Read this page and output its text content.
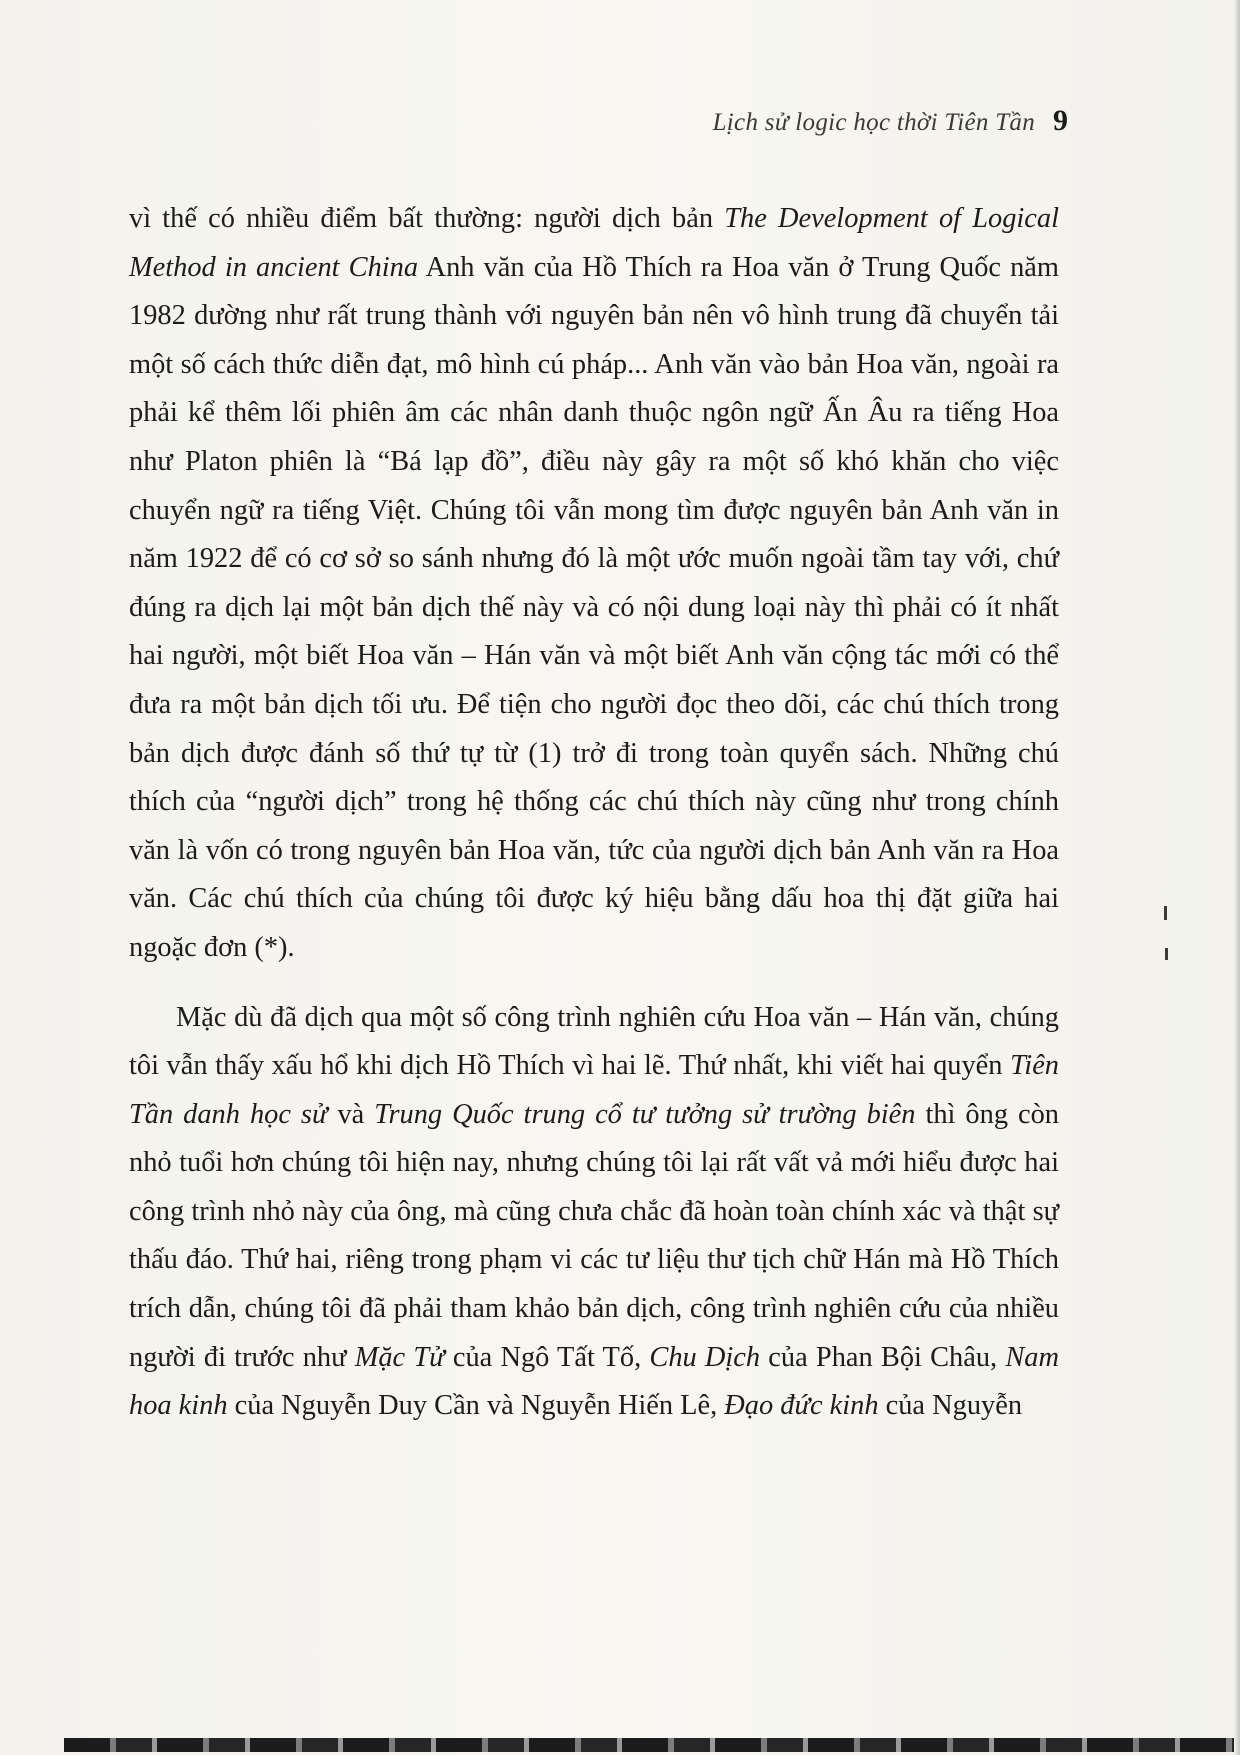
Lịch sử logic học thời Tiên Tần 9

vì thế có nhiều điểm bất thường: người dịch bản The Development of Logical Method in ancient China Anh văn của Hồ Thích ra Hoa văn ở Trung Quốc năm 1982 dường như rất trung thành với nguyên bản nên vô hình trung đã chuyển tải một số cách thức diễn đạt, mô hình cú pháp... Anh văn vào bản Hoa văn, ngoài ra phải kể thêm lối phiên âm các nhân danh thuộc ngôn ngữ Ấn Âu ra tiếng Hoa như Platon phiên là “Bá lạp đồ”, điều này gây ra một số khó khăn cho việc chuyển ngữ ra tiếng Việt. Chúng tôi vẫn mong tìm được nguyên bản Anh văn in năm 1922 để có cơ sở so sánh nhưng đó là một ước muốn ngoài tầm tay với, chứ đúng ra dịch lại một bản dịch thế này và có nội dung loại này thì phải có ít nhất hai người, một biết Hoa văn – Hán văn và một biết Anh văn cộng tác mới có thể đưa ra một bản dịch tối ưu. Để tiện cho người đọc theo dõi, các chú thích trong bản dịch được đánh số thứ tự từ (1) trở đi trong toàn quyển sách. Những chú thích của “người dịch” trong hệ thống các chú thích này cũng như trong chính văn là vốn có trong nguyên bản Hoa văn, tức của người dịch bản Anh văn ra Hoa văn. Các chú thích của chúng tôi được ký hiệu bằng dấu hoa thị đặt giữa hai ngoặc đơn (*).

Mặc dù đã dịch qua một số công trình nghiên cứu Hoa văn – Hán văn, chúng tôi vẫn thấy xấu hổ khi dịch Hồ Thích vì hai lẽ. Thứ nhất, khi viết hai quyển Tiên Tần danh học sử và Trung Quốc trung cổ tư tưởng sử trường biên thì ông còn nhỏ tuổi hơn chúng tôi hiện nay, nhưng chúng tôi lại rất vất vả mới hiểu được hai công trình nhỏ này của ông, mà cũng chưa chắc đã hoàn toàn chính xác và thật sự thấu đáo. Thứ hai, riêng trong phạm vi các tư liệu thư tịch chữ Hán mà Hồ Thích trích dẫn, chúng tôi đã phải tham khảo bản dịch, công trình nghiên cứu của nhiều người đi trước như Mặc Tử của Ngô Tất Tố, Chu Dịch của Phan Bội Châu, Nam hoa kinh của Nguyễn Duy Cần và Nguyễn Hiến Lê, Đạo đức kinh của Nguyễn
